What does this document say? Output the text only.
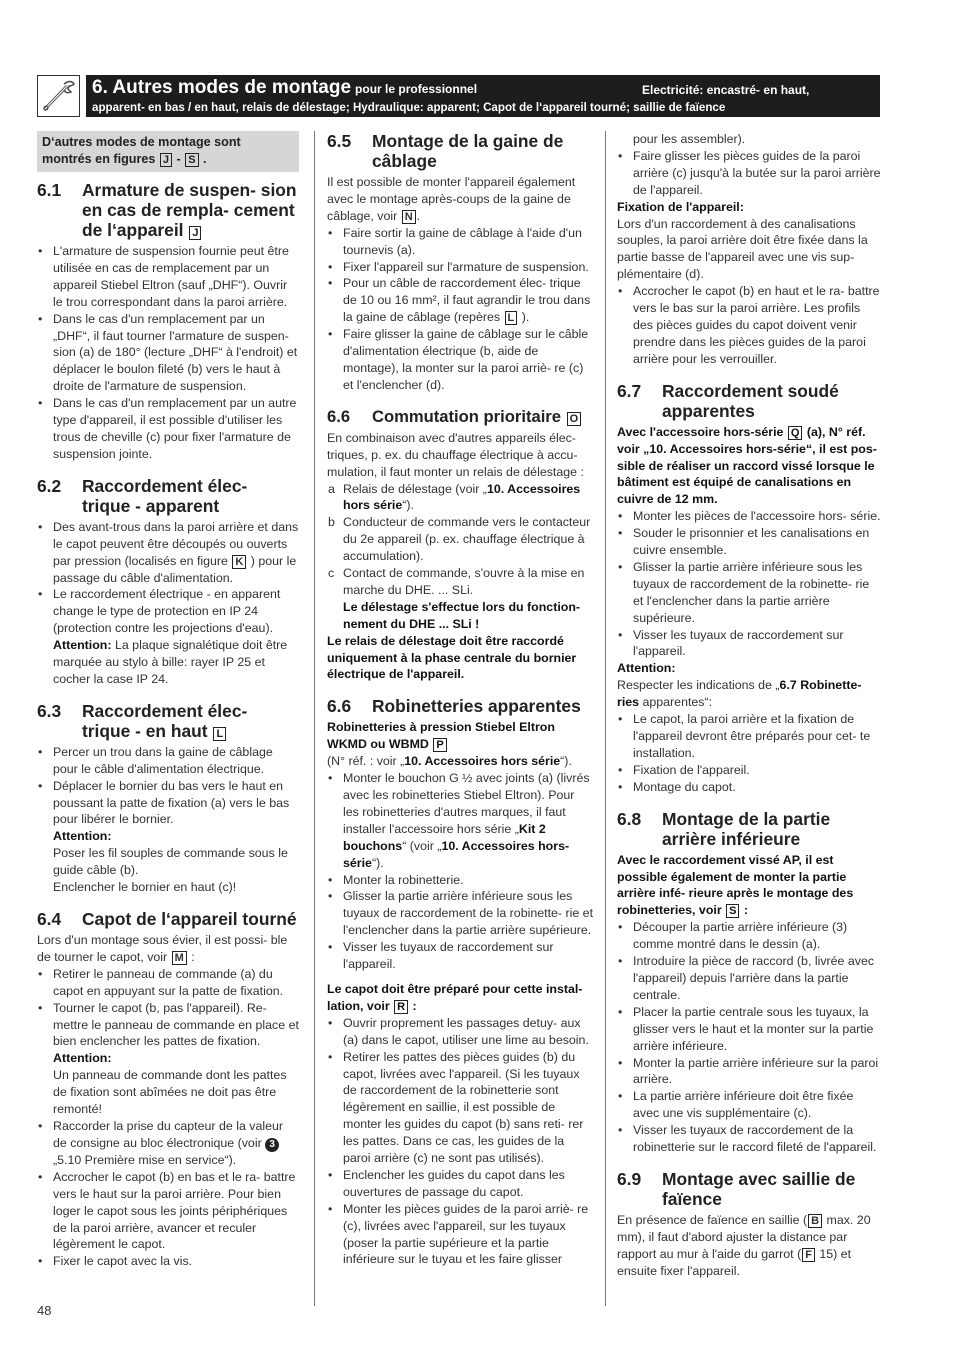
6. Autres modes de montage pour le professionnel	Electricité: encastré- en haut,
apparent- en bas / en haut, relais de délestage; Hydraulique: apparent; Capot de l‘appareil tourné; saillie de faïence
D‘autres modes de montage sont montrés en figures J - S .
6.1	Armature de suspen- sion en cas de rempla- cement de l‘appareil J
• L'armature de suspension fournie peut être utilisée en cas de remplacement par un appareil Stiebel Eltron (sauf „DHF“). Ouvrir le trou correspondant dans la paroi arrière.
• Dans le cas d'un remplacement par un „DHF“, il faut tourner l'armature de suspen- sion (a) de 180° (lecture „DHF“ à l'endroit) et déplacer le boulon fileté (b) vers le haut à droite de l'armature de suspension.
• Dans le cas d'un remplacement par un autre type d'appareil, il est possible d'utiliser les trous de cheville (c) pour fixer l'armature de suspension jointe.
6.2	Raccordement élec- trique - apparent
• Des avant-trous dans la paroi arrière et dans le capot peuvent être découpés ou ouverts par pression (localisés en figure K ) pour le passage du câble d'alimentation.
• Le raccordement électrique - en apparent change le type de protection en IP 24 (protection contre les projections d'eau).
Attention: La plaque signalétique doit être marquée au stylo à bille: rayer IP 25 et cocher la case IP 24.
6.3	Raccordement élec- trique - en haut L
• Percer un trou dans la gaine de câblage pour le câble d'alimentation électrique.
• Déplacer le bornier du bas vers le haut en poussant la patte de fixation (a) vers le bas pour libérer le bornier.
Attention:
Poser les fil souples de commande sous le guide câble (b).
Enclencher le bornier en haut (c)!
6.4	Capot de l‘appareil tourné
Lors d'un montage sous évier, il est possi- ble de tourner le capot, voir M :
• Retirer le panneau de commande (a) du capot en appuyant sur la patte de fixation.
• Tourner le capot (b, pas l'appareil). Re- mettre le panneau de commande en place et bien enclencher les pattes de fixation.
Attention:
Un panneau de commande dont les pattes de fixation sont abîmées ne doit pas être remonté!
• Raccorder la prise du capteur de la valeur de consigne au bloc électronique (voir 3 „5.10 Première mise en service“).
• Accrocher le capot (b) en bas et le ra- battre vers le haut sur la paroi arrière. Pour bien loger le capot sous les joints périphériques de la paroi arrière, avancer et reculer légèrement le capot.
• Fixer le capot avec la vis.
6.5	Montage de la gaine de câblage
Il est possible de monter l'appareil également avec le montage après-coups de la gaine de câblage, voir N .
• Faire sortir la gaine de câblage à l'aide d'un tournevis (a).
• Fixer l'appareil sur l'armature de suspension.
• Pour un câble de raccordement élec- trique de 10 ou 16 mm², il faut agrandir le trou dans la gaine de câblage (repères L ).
• Faire glisser la gaine de câblage sur le câble d'alimentation électrique (b, aide de montage), la monter sur la paroi arriè- re (c) et l'enclencher (d).
6.6	Commutation prioritaire O
En combinaison avec d'autres appareils élec- triques, p. ex. du chauffage électrique à accu- mulation, il faut monter un relais de délestage :
a Relais de délestage (voir „10. Accessoires hors série“).
b Conducteur de commande vers le contacteur du 2e appareil (p. ex. chauffage électrique à accumulation).
c Contact de commande, s'ouvre à la mise en marche du DHE. ... SLi.
Le délestage s'effectue lors du fonction- nement du DHE ... SLi !
Le relais de délestage doit être raccordé uniquement à la phase centrale du bornier électrique de l'appareil.
6.6	Robinetteries apparentes
Robinetteries à pression Stiebel Eltron WKMD ou WBMD P
(N° réf. : voir „10. Accessoires hors série“).
• Monter le bouchon G ½ avec joints (a) (livrés avec les robinetteries Stiebel Eltron). Pour les robinetteries d'autres marques, il faut installer l'accessoire hors série „Kit 2 bouchons“ (voir „10. Accessoires hors- série“).
• Monter la robinetterie.
• Glisser la partie arrière inférieure sous les tuyaux de raccordement de la robinette- rie et l'enclencher dans la partie arrière supérieure.
• Visser les tuyaux de raccordement sur l'appareil.
Le capot doit être préparé pour cette instal- lation, voir R :
• Ouvrir proprement les passages detuy- aux (a) dans le capot, utiliser une lime au besoin.
• Retirer les pattes des pièces guides (b) du capot, livrées avec l'appareil. (Si les tuyaux de raccordement de la robinetterie sont légèrement en saillie, il est possible de monter les guides du capot (b) sans reti- rer les pattes. Dans ce cas, les guides de la paroi arrière (c) ne sont pas utilisés).
• Enclencher les guides du capot dans les ouvertures de passage du capot.
• Monter les pièces guides de la paroi arriè- re (c), livrées avec l'appareil, sur les tuyaux (poser la partie supérieure et la partie inférieure sur le tuyau et les faire glisser
pour les assembler).
• Faire glisser les pièces guides de la paroi arrière (c) jusqu'à la butée sur la paroi arrière de l'appareil.
Fixation de l'appareil:
Lors d'un raccordement à des canalisations souples, la paroi arrière doit être fixée dans la partie basse de l'appareil avec une vis sup- plémentaire (d).
• Accrocher le capot (b) en haut et le ra- battre vers le bas sur la paroi arrière. Les profils des pièces guides du capot doivent venir prendre dans les pièces guides de la paroi arrière pour les verrouiller.
6.7	Raccordement soudé apparentes
Avec l'accessoire hors-série Q (a), N° réf. voir „10. Accessoires hors-série“, il est pos- sible de réaliser un raccord vissé lorsque le bâtiment est équipé de canalisations en cuivre de 12 mm.
• Monter les pièces de l'accessoire hors- série.
• Souder le prisonnier et les canalisations en cuivre ensemble.
• Glisser la partie arrière inférieure sous les tuyaux de raccordement de la robinette- rie et l'enclencher dans la partie arrière supérieure.
• Visser les tuyaux de raccordement sur l'appareil.
Attention:
Respecter les indications de „6.7 Robinette- ries apparentes“:
• Le capot, la paroi arrière et la fixation de l'appareil devront être préparés pour cet- te installation.
• Fixation de l'appareil.
• Montage du capot.
6.8	Montage de la partie arrière inférieure
Avec le raccordement vissé AP, il est possible également de monter la partie arrière infé- rieure après le montage des robinetteries, voir S :
• Découper la partie arrière inférieure (3) comme montré dans le dessin (a).
• Introduire la pièce de raccord (b, livrée avec l'appareil) depuis l'arrière dans la partie centrale.
• Placer la partie centrale sous les tuyaux, la glisser vers le haut et la monter sur la partie arrière inférieure.
• Monter la partie arrière inférieure sur la paroi arrière.
• La partie arrière inférieure doit être fixée avec une vis supplémentaire (c).
• Visser les tuyaux de raccordement de la robinetterie sur le raccord fileté de l'appareil.
6.9	Montage avec saillie de faïence
En présence de faïence en saillie ( B max. 20 mm), il faut d'abord ajuster la distance par rapport au mur à l'aide du garrot ( F 15) et ensuite fixer l'appareil.
48
